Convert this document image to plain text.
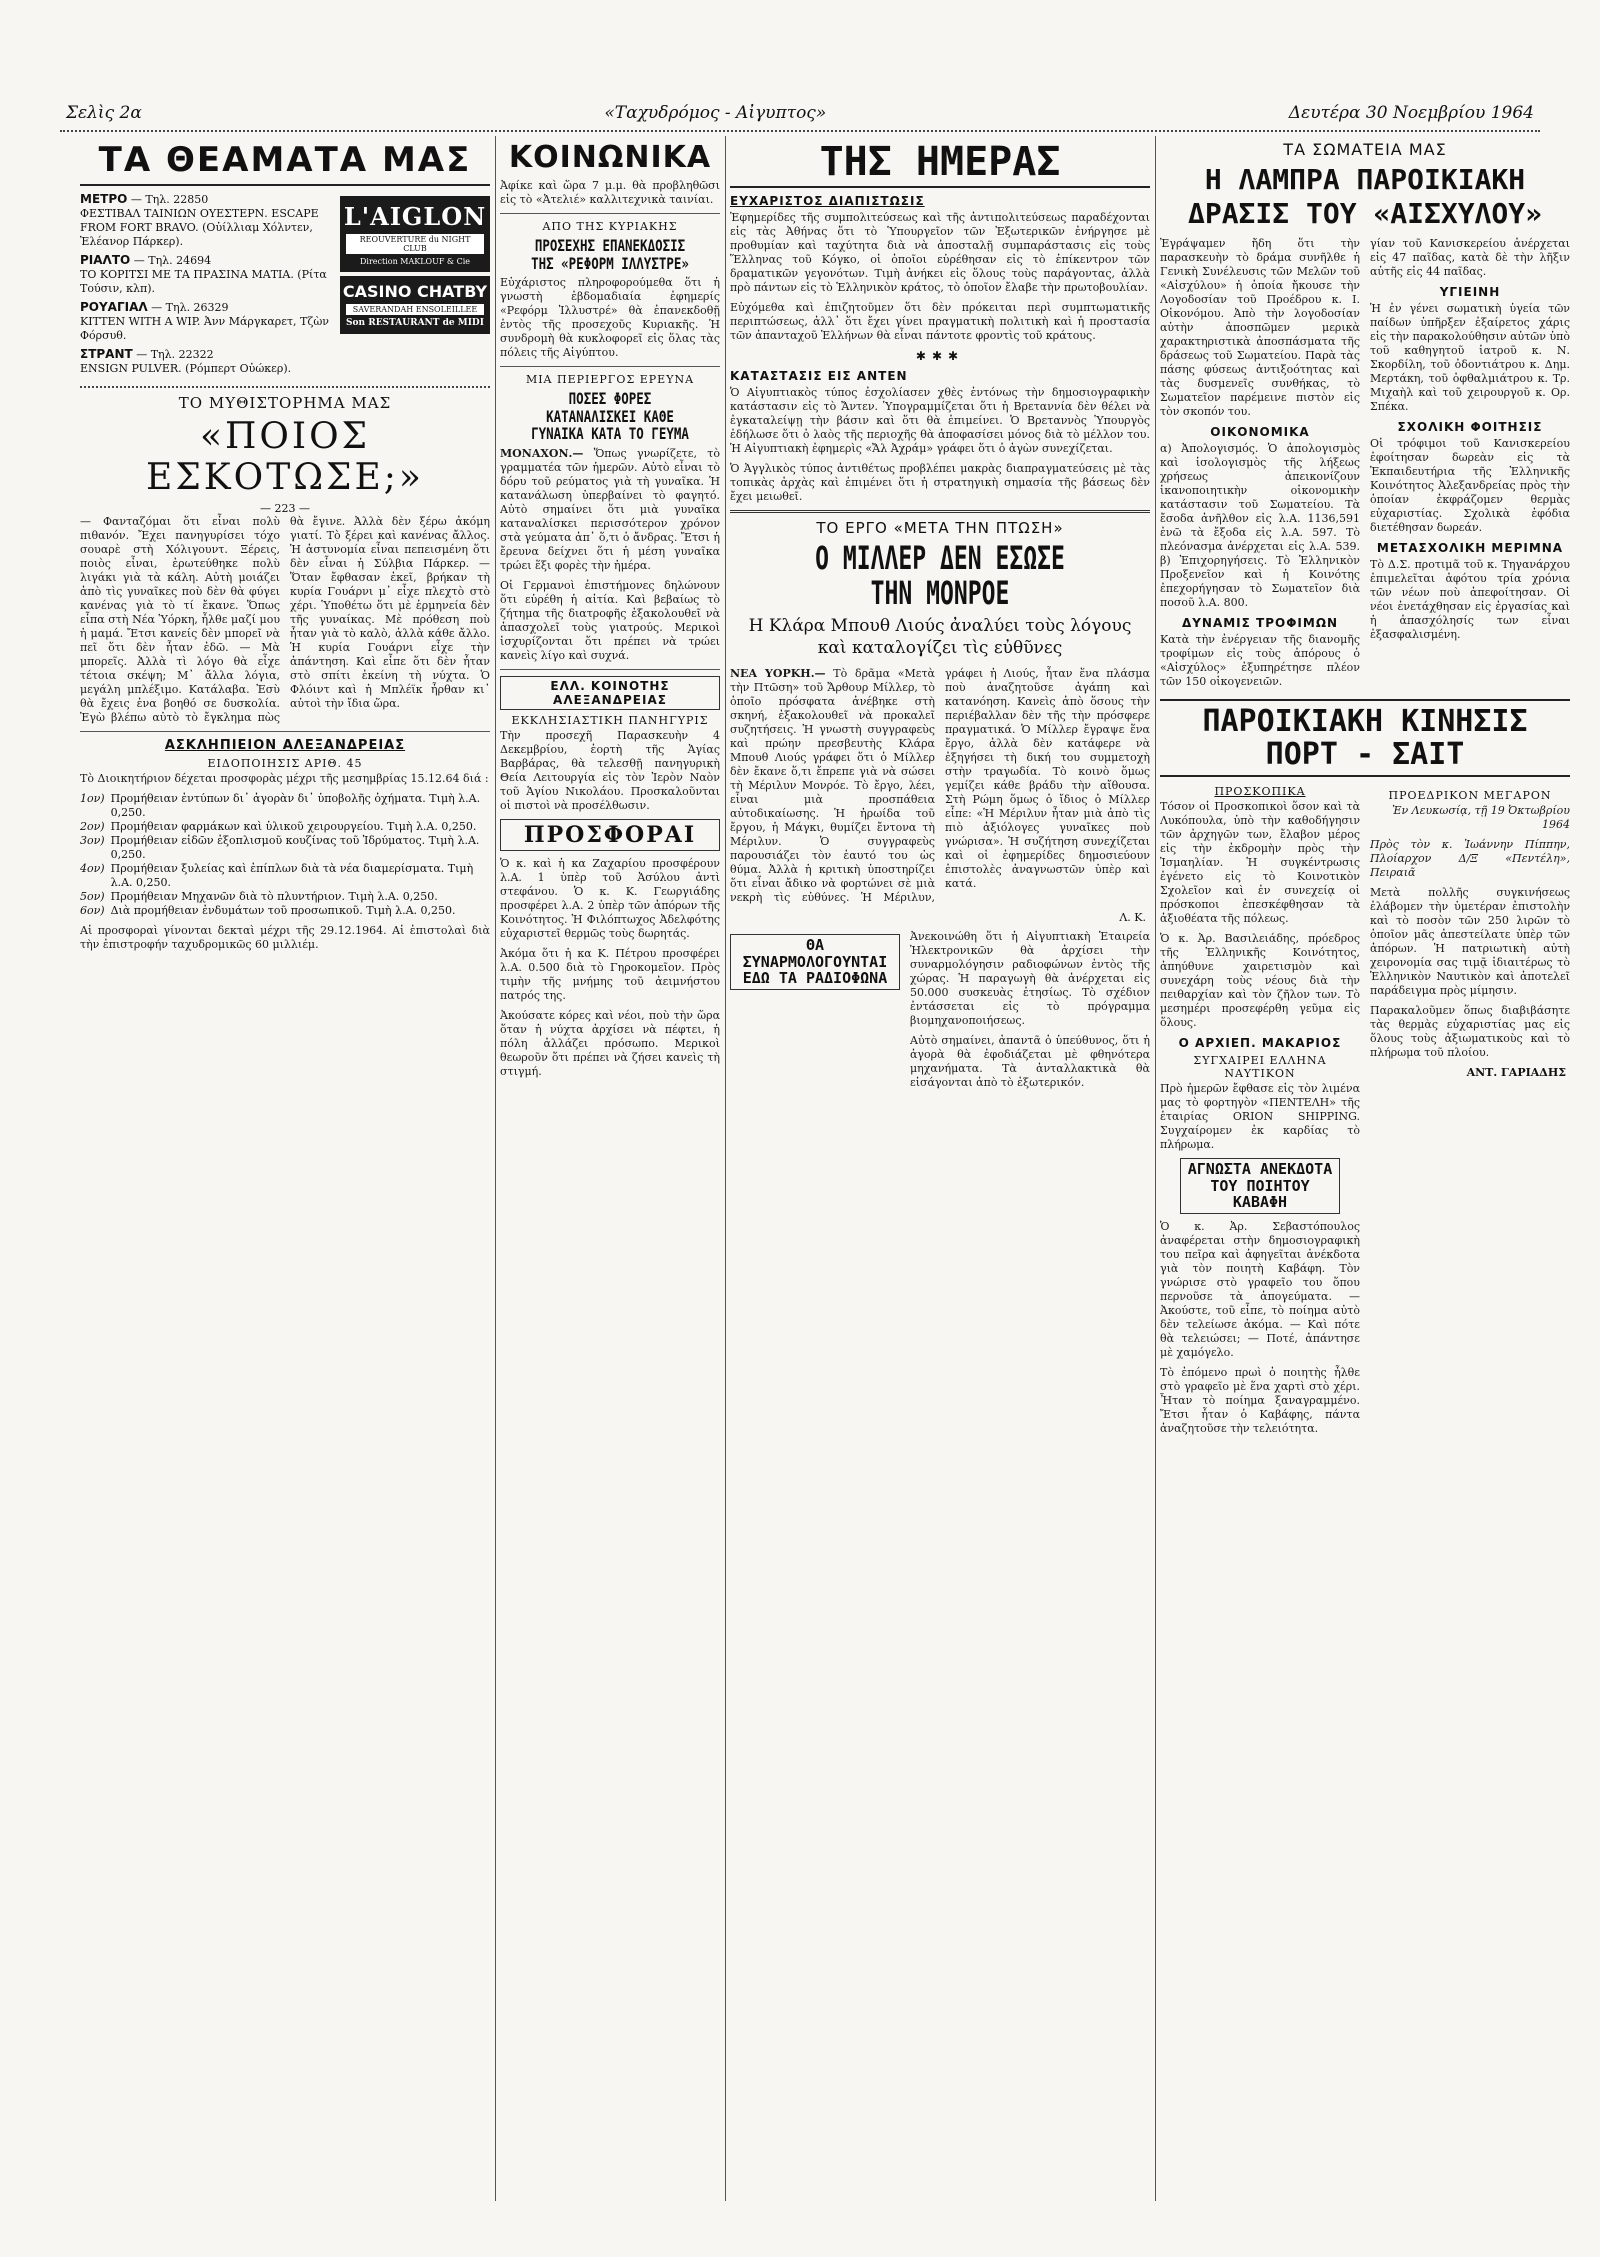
Σελὶς 2α	«Ταχυδρόμος - Αἰγυπτος»	Δευτέρα 30 Νοεμβρίου 1964
ΤΑ ΘΕΑΜΑΤΑ ΜΑΣ
ΜΕΤΡΟ — Τηλ. 22850
ΦΕΣΤΙΒΑΛ ΤΑΙΝΙΩΝ ΟΥΕΣΤΕΡΝ. ESCAPE FROM FORT BRAVO. (Οὐίλλιαμ Χόλντεν, Ἐλέανορ Πάρκερ).
ΡΙΑΛΤΟ — Τηλ. 24694
ΤΟ ΚΟΡΙΤΣΙ ΜΕ ΤΑ ΠΡΑΣΙΝΑ ΜΑΤΙΑ. (Ρίτα Τούσιν, κλπ).
ΡΟΥΑΓΙΑΛ — Τηλ. 26329
KITTEN WITH A WIP. Ἀνν Μάργκαρετ, Τζὼν Φόρσυθ.
ΣΤΡΑΝΤ — Τηλ. 22322
ENSIGN PULVER. (Ρόμπερτ Οὐώκερ).
L'AIGLON
REOUVERTURE du NIGHT CLUB
Direction MAKLOUF & Cie
CASINO CHATBY
SAVERANDAH ENSOLEILLEE
Son RESTAURANT de MIDI
ΤΟ ΜΥΘΙΣΤΟΡΗΜΑ ΜΑΣ
«ΠΟΙΟΣ ΕΣΚΟΤΩΣΕ;»
— 223 —
— Φανταζόμαι ὅτι εἶναι πολὺ πιθανόν. Ἔχει πανηγυρίσει τόχο σουαρὲ στὴ Χόλιγουντ. Ξέρεις, ποιὸς εἶναι, ἐρωτεύθηκε πολὺ λιγάκι γιὰ τὰ κάλη. Αὐτὴ μοιάζει ἀπὸ τὶς γυναῖκες ποὺ δὲν θὰ φύγει κανένας γιὰ τὸ τί ἔκανε. Ὅπως εἶπα στὴ Νέα Ὑόρκη, ἦλθε μαζί μου ἡ μαμά. Ἔτσι κανείς δὲν μπορεῖ νὰ πεῖ ὅτι δὲν ἦταν ἐδῶ. — Μὰ μπορεῖς. Ἀλλὰ τὶ λόγο θὰ εἶχε τέτοια σκέψη; Μ᾽ ἄλλα λόγια, μεγάλη μπλέξιμο. Κατάλαβα. Ἐσὺ θὰ ἔχεις ἐνα βοηθό σε δυσκολία. Ἐγὼ βλέπω αὐτὸ τὸ ἔγκλημα πὼς θὰ ἔγινε. Ἀλλὰ δὲν ξέρω ἀκόμη γιατί. Τὸ ξέρει καὶ κανένας ἄλλος. Ἡ ἀστυνομία εἶναι πεπεισμένη ὅτι δὲν εἶναι ἡ Σύλβια Πάρκερ. — Ὅταν ἔφθασαν ἐκεῖ, βρήκαν τὴ κυρία Γουάρνι μ᾽ εἶχε πλεχτὸ στὸ χέρι. Ὑποθέτω ὅτι μὲ ἑρμηνεία δὲν τῆς γυναίκας. Μὲ πρόθεση ποὺ ἦταν γιὰ τὸ καλὸ, ἀλλὰ κάθε ἄλλο. Ἡ κυρία Γουάρνι εἶχε τὴν ἀπάντηση. Καὶ εἶπε ὅτι δὲν ἦταν στὸ σπίτι ἐκείνη τὴ νύχτα. Ὁ Φλόιντ καὶ ἡ Μπλέϊκ ἦρθαν κι᾽ αὐτοὶ τὴν ἴδια ὥρα.
ΑΣΚΛΗΠΙΕΙΟΝ ΑΛΕΞΑΝΔΡΕΙΑΣ
ΕΙΔΟΠΟΙΗΣΙΣ ΑΡΙΘ. 45
Τὸ Διοικητήριον δέχεται προσφορὰς μέχρι τῆς μεσημβρίας 15.12.64 διά :
1ον) Προμήθειαν ἐντύπων δι᾽ ἀγορὰν δι᾽ ὑποβολῆς ὀχήματα. Τιμὴ λ.Α. 0,250.
2ον) Προμήθειαν φαρμάκων καὶ ὑλικοῦ χειρουργείου. Τιμὴ λ.Α. 0,250.
3ον) Προμήθειαν εἰδῶν ἐξοπλισμοῦ κουζίνας τοῦ Ἱδρύματος. Τιμὴ λ.Α. 0,250.
4ον) Προμήθειαν ξυλείας καὶ ἐπίπλων διὰ τὰ νέα διαμερίσματα. Τιμὴ λ.Α. 0,250.
5ον) Προμήθειαν Μηχανῶν διὰ τὸ πλυντήριον. Τιμὴ λ.Α. 0,250.
6ον) Διὰ προμήθειαν ἐνδυμάτων τοῦ προσωπικοῦ. Τιμὴ λ.Α. 0,250.
Αἱ προσφοραὶ γίνονται δεκταὶ μέχρι τῆς 29.12.1964. Αἱ ἐπιστολαὶ διὰ τὴν ἐπιστροφήν ταχυδρομικῶς 60 μιλλιέμ.
ΚΟΙΝΩΝΙΚΑ
Ἀφίκε καὶ ὥρα 7 μ.μ. θὰ προβληθῶσι εἰς τὸ «Ἀτελιέ» καλλιτεχνικὰ ταινίαι.
ΑΠΟ ΤΗΣ ΚΥΡΙΑΚΗΣ
ΠΡΟΣΕΧΗΣ ΕΠΑΝΕΚΔΟΣΙΣ ΤΗΣ «ΡΕΦΟΡΜ ΙΛΛΥΣΤΡΕ»
Εὐχάριστος πληροφορούμεθα ὅτι ἡ γνωστὴ ἑβδομαδιαία ἐφημερίς «Ρεφόρμ Ἰλλυστρέ» θὰ ἐπανεκδοθῇ ἐντὸς τῆς προσεχοῦς Κυριακῆς. Ἡ συνδρομὴ θὰ κυκλοφορεῖ εἰς ὅλας τὰς πόλεις τῆς Αἰγύπτου.
ΜΙΑ ΠΕΡΙΕΡΓΟΣ ΕΡΕΥΝΑ
ΠΟΣΕΣ ΦΟΡΕΣ ΚΑΤΑΝΑΛΙΣΚΕΙ ΚΑΘΕ ΓΥΝΑΙΚΑ ΚΑΤΑ ΤΟ ΓΕΥΜΑ
ΜΟΝΑΧΟΝ.— Ὅπως γνωρίζετε, τὸ γραμματέα τῶν ἡμερῶν. Αὐτὸ εἶναι τὸ δόρυ τοῦ ρεύματος γιὰ τὴ γυναῖκα. Ἡ κατανάλωση ὑπερβαίνει τὸ φαγητό. Αὐτὸ σημαίνει ὅτι μιὰ γυναῖκα καταναλίσκει περισσότερον χρόνον στὰ γεύματα ἀπ᾽ ὅ,τι ὁ ἄνδρας. Ἔτσι ἡ ἔρευνα δείχνει ὅτι ἡ μέση γυναῖκα τρώει ἕξι φορὲς τὴν ἡμέρα.
Οἱ Γερμανοὶ ἐπιστήμονες δηλώνουν ὅτι εὑρέθη ἡ αἰτία. Καὶ βεβαίως τὸ ζήτημα τῆς διατροφῆς ἐξακολουθεῖ νὰ ἀπασχολεῖ τοὺς γιατρούς. Μερικοὶ ἰσχυρίζονται ὅτι πρέπει νὰ τρώει κανεὶς λίγο καὶ συχνά.
ΕΛΛ. ΚΟΙΝΟΤΗΣ ΑΛΕΞΑΝΔΡΕΙΑΣ
ΕΚΚΛΗΣΙΑΣΤΙΚΗ ΠΑΝΗΓΥΡΙΣ
Τὴν προσεχῆ Παρασκευὴν 4 Δεκεμβρίου, ἑορτὴ τῆς Ἁγίας Βαρβάρας, θὰ τελεσθῇ πανηγυρικὴ Θεία Λειτουργία εἰς τὸν Ἱερὸν Ναὸν τοῦ Ἁγίου Νικολάου. Προσκαλοῦνται οἱ πιστοὶ νὰ προσέλθωσιν.
ΠΡΟΣΦΟΡΑΙ
Ὁ κ. καὶ ἡ κα Ζαχαρίου προσφέρουν λ.Α. 1 ὑπὲρ τοῦ Ἀσύλου ἀντὶ στεφάνου. Ὁ κ. Κ. Γεωργιάδης προσφέρει λ.Α. 2 ὑπὲρ τῶν ἀπόρων τῆς Κοινότητος. Ἡ Φιλόπτωχος Ἀδελφότης εὐχαριστεῖ θερμῶς τοὺς δωρητάς.
Ἀκόμα ὅτι ἡ κα Κ. Πέτρου προσφέρει λ.Α. 0.500 διὰ τὸ Γηροκομεῖον. Πρὸς τιμὴν τῆς μνήμης τοῦ ἀειμνήστου πατρός της.
Ἀκούσατε κόρες καὶ νέοι, ποὺ τὴν ὥρα ὅταν ἡ νύχτα ἀρχίσει νὰ πέφτει, ἡ πόλη ἀλλάζει πρόσωπο. Μερικοὶ θεωροῦν ὅτι πρέπει νὰ ζήσει κανεὶς τὴ στιγμή.
ΤΗΣ ΗΜΕΡΑΣ
ΕΥΧΑΡΙΣΤΟΣ ΔΙΑΠΙΣΤΩΣΙΣ
Ἐφημερίδες τῆς συμπολιτεύσεως καὶ τῆς ἀντιπολιτεύσεως παραδέχονται εἰς τὰς Ἀθήνας ὅτι τὸ Ὑπουργεῖον τῶν Ἐξωτερικῶν ἐνήργησε μὲ προθυμίαν καὶ ταχύτητα διὰ νὰ ἀποσταλῇ συμπαράστασις εἰς τοὺς Ἕλληνας τοῦ Κόγκο, οἱ ὁποῖοι εὑρέθησαν εἰς τὸ ἐπίκεντρον τῶν δραματικῶν γεγονότων. Τιμὴ ἀνήκει εἰς ὅλους τοὺς παράγοντας, ἀλλὰ πρὸ πάντων εἰς τὸ Ἑλληνικὸν κράτος, τὸ ὁποῖον ἔλαβε τὴν πρωτοβουλίαν.
Εὐχόμεθα καὶ ἐπιζητοῦμεν ὅτι δὲν πρόκειται περὶ συμπτωματικῆς περιπτώσεως, ἀλλ᾽ ὅτι ἔχει γίνει πραγματικὴ πολιτικὴ καὶ ἡ προστασία τῶν ἀπανταχοῦ Ἑλλήνων θὰ εἶναι πάντοτε φροντὶς τοῦ κράτους.
✱✱✱
ΚΑΤΑΣΤΑΣΙΣ ΕΙΣ ΑΝΤΕΝ
Ὁ Αἰγυπτιακὸς τύπος ἐσχολίασεν χθὲς ἐντόνως τὴν δημοσιογραφικὴν κατάστασιν εἰς τὸ Ἄντεν. Ὑπογραμμίζεται ὅτι ἡ Βρεταννία δὲν θέλει νὰ ἐγκαταλείψῃ τὴν βάσιν καὶ ὅτι θὰ ἐπιμείνει. Ὁ Βρεταννὸς Ὑπουργὸς ἐδήλωσε ὅτι ὁ λαὸς τῆς περιοχῆς θὰ ἀποφασίσει μόνος διὰ τὸ μέλλον του. Ἡ Αἰγυπτιακὴ ἐφημερὶς «Ἄλ Ἀχράμ» γράφει ὅτι ὁ ἀγὼν συνεχίζεται.
Ὁ Ἀγγλικὸς τύπος ἀντιθέτως προβλέπει μακρὰς διαπραγματεύσεις μὲ τὰς τοπικὰς ἀρχὰς καὶ ἐπιμένει ὅτι ἡ στρατηγικὴ σημασία τῆς βάσεως δὲν ἔχει μειωθεῖ.
ΤΟ ΕΡΓΟ «ΜΕΤΑ ΤΗΝ ΠΤΩΣΗ»
Ο ΜΙΛΛΕΡ ΔΕΝ ΕΣΩΣΕ ΤΗΝ ΜΟΝΡΟΕ
Η Κλάρα Μπουθ Λιούς ἀναλύει τοὺς λόγους καὶ καταλογίζει τὶς εὐθῦνες
ΝΕΑ ΥΟΡΚΗ.— Τὸ δρᾶμα «Μετὰ τὴν Πτῶση» τοῦ Ἄρθουρ Μίλλερ, τὸ ὁποῖο πρόσφατα ἀνέβηκε στὴ σκηνή, ἐξακολουθεῖ νὰ προκαλεῖ συζητήσεις. Ἡ γνωστὴ συγγραφεὺς καὶ πρώην πρεσβευτὴς Κλάρα Μπουθ Λιούς γράφει ὅτι ὁ Μίλλερ δὲν ἔκανε ὅ,τι ἔπρεπε γιὰ νὰ σώσει τὴ Μέριλυν Μονρόε. Τὸ ἔργο, λέει, εἶναι μιὰ προσπάθεια αὐτοδικαίωσης. Ἡ ἡρωίδα τοῦ ἔργου, ἡ Μάγκι, θυμίζει ἔντονα τὴ Μέριλυν. Ὁ συγγραφεὺς παρουσιάζει τὸν ἑαυτό του ὡς θύμα. Ἀλλὰ ἡ κριτικὴ ὑποστηρίζει ὅτι εἶναι ἄδικο νὰ φορτώνει σὲ μιὰ νεκρὴ τὶς εὐθύνες. Ἡ Μέριλυν, γράφει ἡ Λιούς, ἦταν ἕνα πλάσμα ποὺ ἀναζητοῦσε ἀγάπη καὶ κατανόηση. Κανεὶς ἀπὸ ὅσους τὴν περιέβαλλαν δὲν τῆς τὴν πρόσφερε πραγματικά. Ὁ Μίλλερ ἔγραψε ἕνα ἔργο, ἀλλὰ δὲν κατάφερε νὰ ἐξηγήσει τὴ δική του συμμετοχὴ στὴν τραγωδία. Τὸ κοινὸ ὅμως γεμίζει κάθε βράδυ τὴν αἴθουσα. Στὴ Ρώμη ὅμως ὁ ἴδιος ὁ Μίλλερ εἶπε: «Ἡ Μέριλυν ἦταν μιὰ ἀπὸ τὶς πιὸ ἀξιόλογες γυναῖκες ποὺ γνώρισα». Ἡ συζήτηση συνεχίζεται καὶ οἱ ἐφημερίδες δημοσιεύουν ἐπιστολὲς ἀναγνωστῶν ὑπὲρ καὶ κατά.
Λ. Κ.
ΘΑ ΣΥΝΑΡΜΟΛΟΓΟΥΝΤΑΙ ΕΔΩ ΤΑ ΡΑΔΙΟΦΩΝΑ
Ἀνεκοινώθη ὅτι ἡ Αἰγυπτιακὴ Ἑταιρεία Ἠλεκτρονικῶν θὰ ἀρχίσει τὴν συναρμολόγησιν ραδιοφώνων ἐντὸς τῆς χώρας. Ἡ παραγωγὴ θὰ ἀνέρχεται εἰς 50.000 συσκευὰς ἐτησίως. Τὸ σχέδιον ἐντάσσεται εἰς τὸ πρόγραμμα βιομηχανοποιήσεως.
Αὐτὸ σημαίνει, ἀπαντᾶ ὁ ὑπεύθυνος, ὅτι ἡ ἀγορὰ θὰ ἐφοδιάζεται μὲ φθηνότερα μηχανήματα. Τὰ ἀνταλλακτικὰ θὰ εἰσάγονται ἀπὸ τὸ ἐξωτερικόν.
ΤΑ ΣΩΜΑΤΕΙΑ ΜΑΣ
Η ΛΑΜΠΡΑ ΠΑΡΟΙΚΙΑΚΗ ΔΡΑΣΙΣ ΤΟΥ «ΑΙΣΧΥΛΟΥ»
Ἐγράψαμεν ἤδη ὅτι τὴν παρασκευὴν τὸ δράμα συνῆλθε ἡ Γενικὴ Συνέλευσις τῶν Μελῶν τοῦ «Αἰσχύλου» ἡ ὁποία ἤκουσε τὴν Λογοδοσίαν τοῦ Προέδρου κ. Ι. Οἰκονόμου. Ἀπὸ τὴν λογοδοσίαν αὐτὴν ἀποσπῶμεν μερικὰ χαρακτηριστικὰ ἀποσπάσματα τῆς δράσεως τοῦ Σωματείου. Παρὰ τὰς πάσης φύσεως ἀντιξοότητας καὶ τὰς δυσμενεῖς συνθήκας, τὸ Σωματεῖον παρέμεινε πιστὸν εἰς τὸν σκοπόν του.
ΟΙΚΟΝΟΜΙΚΑ
α) Ἀπολογισμός. Ὁ ἀπολογισμὸς καὶ ἰσολογισμὸς τῆς λήξεως χρήσεως ἀπεικονίζουν ἱκανοποιητικὴν οἰκονομικὴν κατάστασιν τοῦ Σωματείου. Τὰ ἔσοδα ἀνῆλθον εἰς λ.Α. 1136,591 ἐνῶ τὰ ἔξοδα εἰς λ.Α. 597. Τὸ πλεόνασμα ἀνέρχεται εἰς λ.Α. 539. β) Ἐπιχορηγήσεις. Τὸ Ἑλληνικὸν Προξενεῖον καὶ ἡ Κοινότης ἐπεχορήγησαν τὸ Σωματεῖον διὰ ποσοῦ λ.Α. 800.
ΔΥΝΑΜΙΣ ΤΡΟΦΙΜΩΝ
Κατὰ τὴν ἐνέργειαν τῆς διανομῆς τροφίμων εἰς τοὺς ἀπόρους ὁ «Αἰσχύλος» ἐξυπηρέτησε πλέον τῶν 150 οἰκογενειῶν.
γίαν τοῦ Κανισκερείου ἀνέρχεται εἰς 47 παῖδας, κατὰ δὲ τὴν λῆξιν αὐτῆς εἰς 44 παῖδας.
ΥΓΙΕΙΝΗ
Ἡ ἐν γένει σωματικὴ ὑγεία τῶν παίδων ὑπῆρξεν ἐξαίρετος χάρις εἰς τὴν παρακολούθησιν αὐτῶν ὑπὸ τοῦ καθηγητοῦ ἰατροῦ κ. Ν. Σκορδίλη, τοῦ ὀδοντιάτρου κ. Δημ. Μερτάκη, τοῦ ὀφθαλμιάτρου κ. Τρ. Μιχαὴλ καὶ τοῦ χειρουργοῦ κ. Ορ. Σπέκα.
ΣΧΟΛΙΚΗ ΦΟΙΤΗΣΙΣ
Οἱ τρόφιμοι τοῦ Κανισκερείου ἐφοίτησαν δωρεὰν εἰς τὰ Ἐκπαιδευτήρια τῆς Ἑλληνικῆς Κοινότητος Ἀλεξανδρείας πρὸς τὴν ὁποίαν ἐκφράζομεν θερμὰς εὐχαριστίας. Σχολικὰ ἐφόδια διετέθησαν δωρεάν.
ΜΕΤΑΣΧΟΛΙΚΗ ΜΕΡΙΜΝΑ
Τὸ Δ.Σ. προτιμᾶ τοῦ κ. Τηγανάρχου ἐπιμελεῖται ἀφότου τρία χρόνια τῶν νέων ποὺ ἀπεφοίτησαν. Οἱ νέοι ἐνετάχθησαν εἰς ἐργασίας καὶ ἡ ἀπασχόλησίς των εἶναι ἐξασφαλισμένη.
ΠΑΡΟΙΚΙΑΚΗ ΚΙΝΗΣΙΣ ΠΟΡΤ - ΣΑΙΤ
ΠΡΟΣΚΟΠΙΚΑ
Τόσον οἱ Προσκοπικοὶ ὅσον καὶ τὰ Λυκόπουλα, ὑπὸ τὴν καθοδήγησιν τῶν ἀρχηγῶν των, ἔλαβον μέρος εἰς τὴν ἐκδρομὴν πρὸς τὴν Ἰσμαηλίαν. Ἡ συγκέντρωσις ἐγένετο εἰς τὸ Κοινοτικὸν Σχολεῖον καὶ ἐν συνεχείᾳ οἱ πρόσκοποι ἐπεσκέφθησαν τὰ ἀξιοθέατα τῆς πόλεως.
Ὁ κ. Ἀρ. Βασιλειάδης, πρόεδρος τῆς Ἑλληνικῆς Κοινότητος, ἀπηύθυνε χαιρετισμὸν καὶ συνεχάρη τοὺς νέους διὰ τὴν πειθαρχίαν καὶ τὸν ζῆλον των. Τὸ μεσημέρι προσεφέρθη γεῦμα εἰς ὅλους.
Ο ΑΡΧΙΕΠ. ΜΑΚΑΡΙΟΣ
ΣΥΓΧΑΙΡΕΙ ΕΛΛΗΝΑ ΝΑΥΤΙΚΟΝ
Πρὸ ἡμερῶν ἔφθασε εἰς τὸν λιμένα μας τὸ φορτηγὸν «ΠΕΝΤΕΛΗ» τῆς ἑταιρίας ORION SHIPPING. Συγχαίρομεν ἐκ καρδίας τὸ πλήρωμα.
ΑΓΝΩΣΤΑ ΑΝΕΚΔΟΤΑ ΤΟΥ ΠΟΙΗΤΟΥ ΚΑΒΑΦΗ
Ὁ κ. Ἀρ. Σεβαστόπουλος ἀναφέρεται στὴν δημοσιογραφικὴ του πεῖρα καὶ ἀφηγεῖται ἀνέκδοτα γιὰ τὸν ποιητὴ Καβάφη. Τὸν γνώρισε στὸ γραφεῖο του ὅπου περνοῦσε τὰ ἀπογεύματα. — Ἀκούστε, τοῦ εἶπε, τὸ ποίημα αὐτὸ δὲν τελείωσε ἀκόμα. — Καὶ πότε θὰ τελειώσει; — Ποτέ, ἀπάντησε μὲ χαμόγελο.
Τὸ ἐπόμενο πρωὶ ὁ ποιητὴς ἦλθε στὸ γραφεῖο μὲ ἕνα χαρτὶ στὸ χέρι. Ἦταν τὸ ποίημα ξαναγραμμένο. Ἔτσι ἦταν ὁ Καβάφης, πάντα ἀναζητοῦσε τὴν τελειότητα.
ΠΡΟΕΔΡΙΚΟΝ ΜΕΓΑΡΟΝ
Ἐν Λευκωσίᾳ, τῇ 19 Ὀκτωβρίου 1964
Πρὸς τὸν κ. Ἰωάννην Πίππην, Πλοίαρχον Δ/Ξ «Πεντέλη», Πειραιᾶ
Μετὰ πολλῆς συγκινήσεως ἐλάβομεν τὴν ὑμετέραν ἐπιστολὴν καὶ τὸ ποσὸν τῶν 250 λιρῶν τὸ ὁποῖον μᾶς ἀπεστείλατε ὑπὲρ τῶν ἀπόρων. Ἡ πατριωτικὴ αὐτὴ χειρονομία σας τιμᾷ ἰδιαιτέρως τὸ Ἑλληνικὸν Ναυτικὸν καὶ ἀποτελεῖ παράδειγμα πρὸς μίμησιν.
Παρακαλοῦμεν ὅπως διαβιβάσητε τὰς θερμὰς εὐχαριστίας μας εἰς ὅλους τοὺς ἀξιωματικοὺς καὶ τὸ πλήρωμα τοῦ πλοίου.
ΑΝΤ. ΓΑΡΙΑΔΗΣ
